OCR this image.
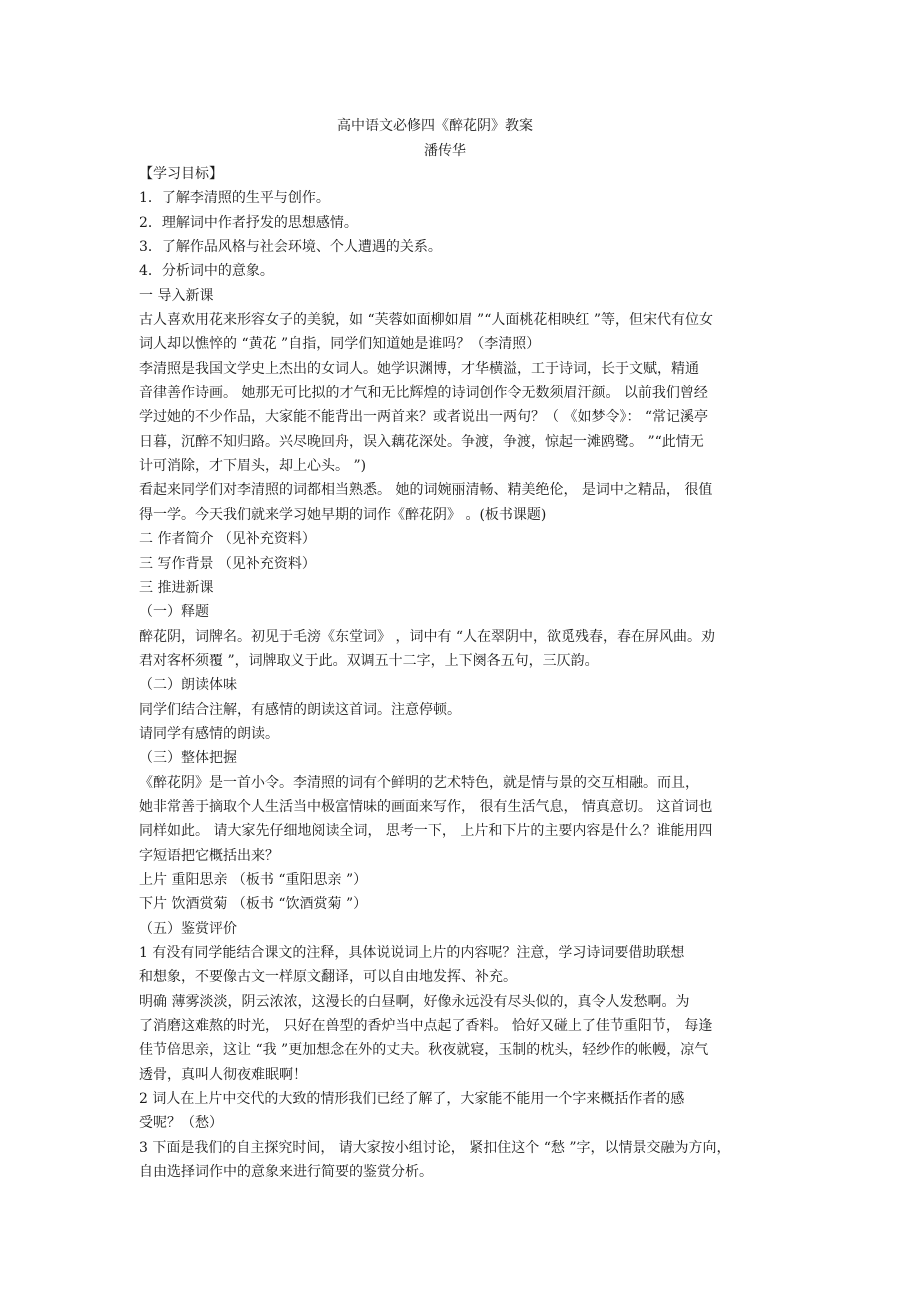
高中语文必修四《醉花阴》教案
潘传华
【学习目标】
1．了解李清照的生平与创作。
2．理解词中作者抒发的思想感情。
3．了解作品风格与社会环境、个人遭遇的关系。
4．分析词中的意象。
一 导入新课
古人喜欢用花来形容女子的美貌，如 “芙蓉如面柳如眉 ”“人面桃花相映红 ”等，但宋代有位女
词人却以憔悴的 “黄花 ”自指，同学们知道她是谁吗？（李清照）
李清照是我国文学史上杰出的女词人。她学识渊博，才华横溢，工于诗词，长于文赋，精通
音律善作诗画。 她那无可比拟的才气和无比辉煌的诗词创作令无数须眉汗颜。 以前我们曾经
学过她的不少作品，大家能不能背出一两首来？或者说出一两句？（ 《如梦令》： “常记溪亭
日暮，沉醉不知归路。兴尽晚回舟，误入藕花深处。争渡，争渡，惊起一滩鸥鹭。 ”“此情无
计可消除，才下眉头，却上心头。 ”)
看起来同学们对李清照的词都相当熟悉。 她的词婉丽清畅、精美绝伦， 是词中之精品， 很值
得一学。今天我们就来学习她早期的词作《醉花阴》 。(板书课题)
二 作者简介 （见补充资料）
三 写作背景 （见补充资料）
三 推进新课
（一）释题
醉花阴，词牌名。初见于毛滂《东堂词》 ，词中有 “人在翠阴中，欲觅残春，春在屏风曲。劝
君对客杯须覆 ”，词牌取义于此。双调五十二字，上下阕各五句，三仄韵。
（二）朗读体味
同学们结合注解，有感情的朗读这首词。注意停顿。
请同学有感情的朗读。
（三）整体把握
《醉花阴》是一首小令。李清照的词有个鲜明的艺术特色，就是情与景的交互相融。而且，
她非常善于摘取个人生活当中极富情味的画面来写作， 很有生活气息， 情真意切。 这首词也
同样如此。 请大家先仔细地阅读全词， 思考一下， 上片和下片的主要内容是什么？谁能用四
字短语把它概括出来？
上片 重阳思亲 （板书 “重阳思亲 ”）
下片 饮酒赏菊 （板书 “饮酒赏菊 ”）
（五）鉴赏评价
1 有没有同学能结合课文的注释，具体说说词上片的内容呢？注意，学习诗词要借助联想
和想象，不要像古文一样原文翻译，可以自由地发挥、补充。
明确 薄雾淡淡，阴云浓浓，这漫长的白昼啊，好像永远没有尽头似的，真令人发愁啊。为
了消磨这难熬的时光， 只好在兽型的香炉当中点起了香料。 恰好又碰上了佳节重阳节， 每逢
佳节倍思亲，这让 “我 ”更加想念在外的丈夫。秋夜就寝，玉制的枕头，轻纱作的帐幔，凉气
透骨，真叫人彻夜难眠啊！
2 词人在上片中交代的大致的情形我们已经了解了，大家能不能用一个字来概括作者的感
受呢？（愁）
3 下面是我们的自主探究时间， 请大家按小组讨论， 紧扣住这个 “愁 ”字，以情景交融为方向，
自由选择词作中的意象来进行简要的鉴赏分析。
